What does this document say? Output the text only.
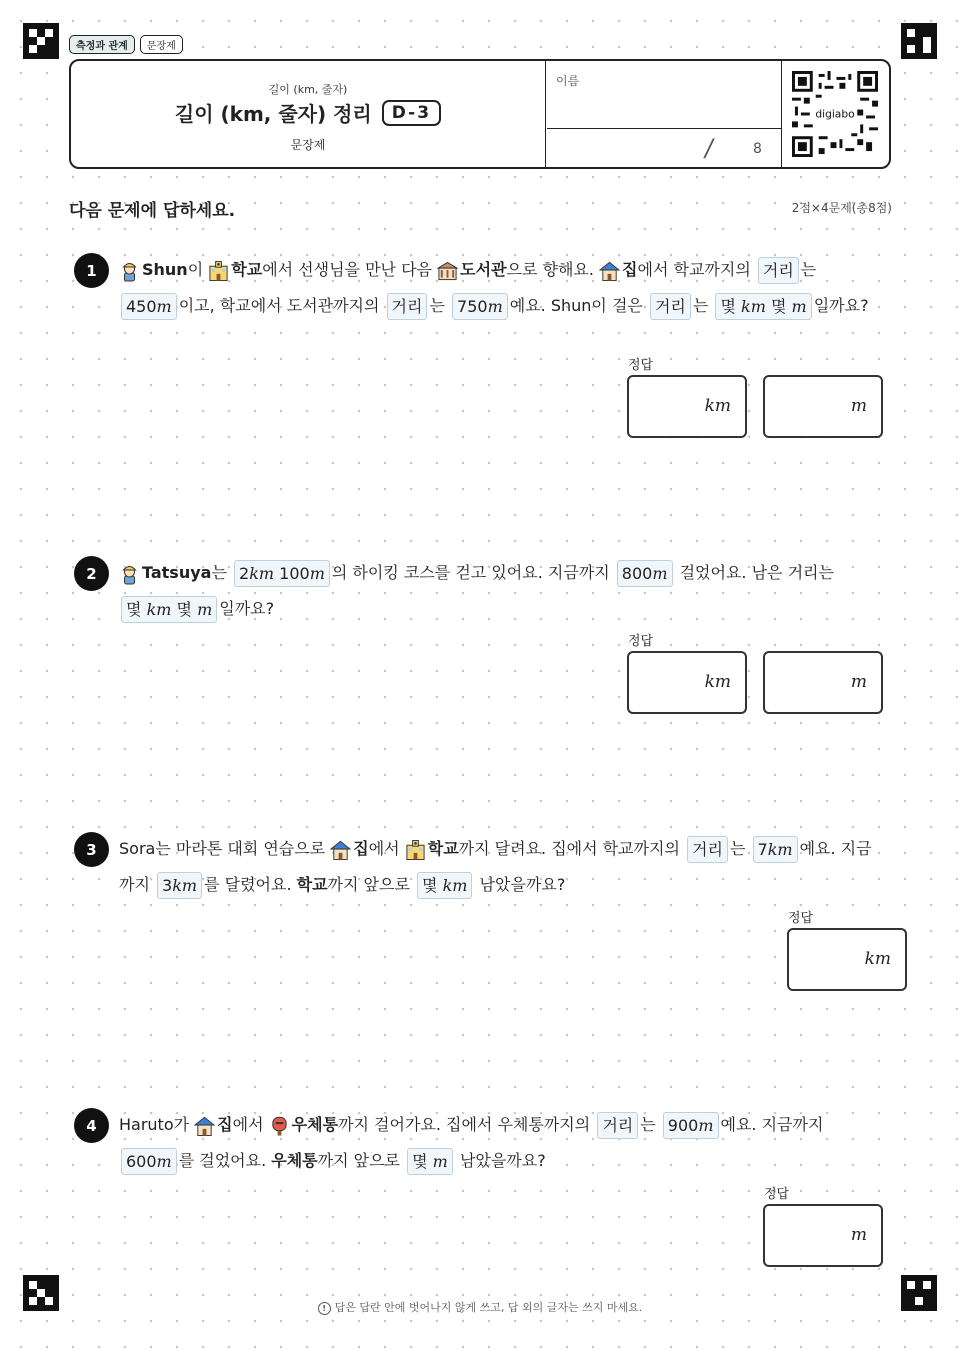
측정과 관계	문장제
길이 (km, 줄자)
길이 (km, 줄자) 정리	D-3
문장제
이름
/	8
digiabo
다음 문제에 답하세요.	2점×4문제(총8점)
1	Shun이 학교에서 선생님을 만난 다음 도서관으로 향해요. 집에서 학교까지의 거리 는 450m 이고, 학교에서 도서관까지의 거리 는 750m 예요. Shun이 걸은 거리 는 몇 km 몇 m 일까요?
정답
km	m
2	Tatsuya는 2km 100m 의 하이킹 코스를 걷고 있어요. 지금까지 800m 걸었어요. 남은 거리는 몇 km 몇 m 일까요?
정답
km	m
3	Sora는 마라톤 대회 연습으로 집에서 학교까지 달려요. 집에서 학교까지의 거리 는 7km 예요. 지금까지 3km 를 달렸어요. 학교까지 앞으로 몇 km 남았을까요?
정답
km
4	Haruto가 집에서 우체통까지 걸어가요. 집에서 우체통까지의 거리 는 900m 예요. 지금까지 600m 를 걸었어요. 우체통까지 앞으로 몇 m 남았을까요?
정답
m
! 답은 답란 안에 벗어나지 않게 쓰고, 답 외의 글자는 쓰지 마세요.
